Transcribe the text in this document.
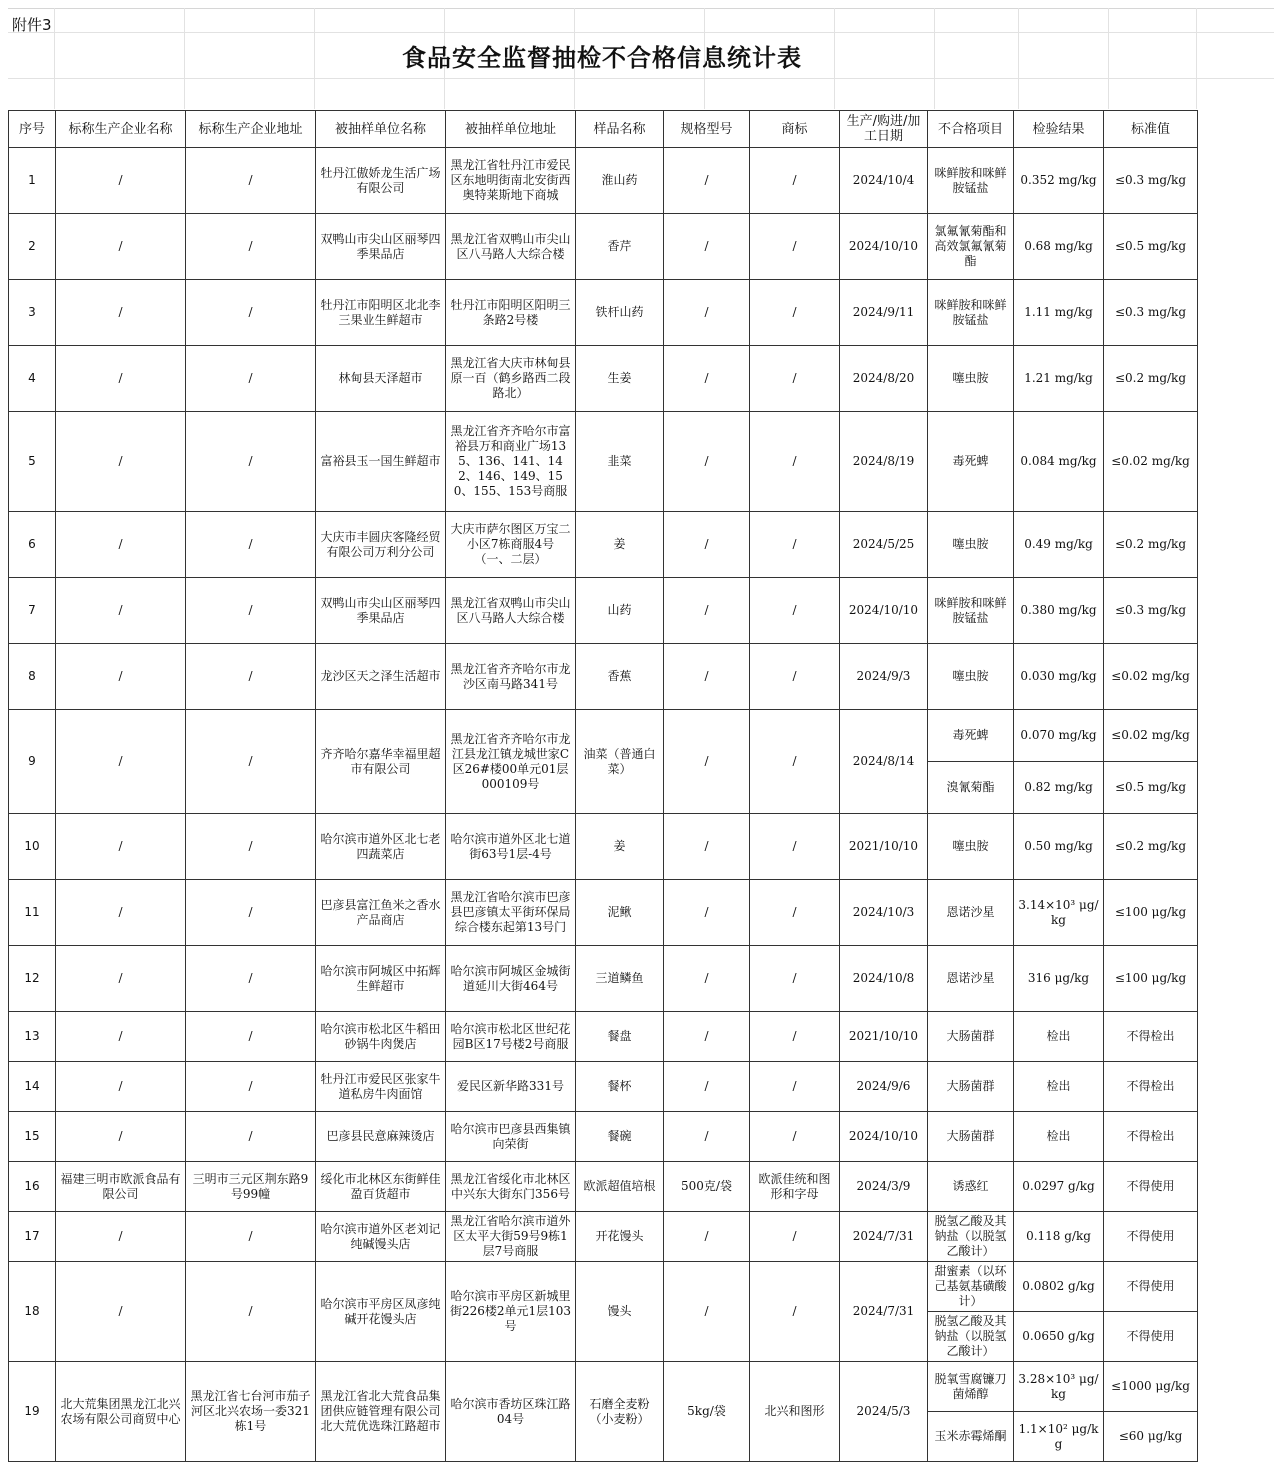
附件3
食品安全监督抽检不合格信息统计表
序号	标称生产企业名称	标称生产企业地址	被抽样单位名称	被抽样单位地址	样品名称	规格型号	商标	生产/购进/加工日期	不合格项目	检验结果	标准值
1	/	/	牡丹江傲娇龙生活广场有限公司	黑龙江省牡丹江市爱民区东地明街南北安街西奥特莱斯地下商城	淮山药	/	/	2024/10/4	咪鲜胺和咪鲜胺锰盐	0.352 mg/kg	≤0.3 mg/kg
2	/	/	双鸭山市尖山区丽琴四季果品店	黑龙江省双鸭山市尖山区八马路人大综合楼	香芹	/	/	2024/10/10	氯氟氰菊酯和高效氯氟氰菊酯	0.68 mg/kg	≤0.5 mg/kg
3	/	/	牡丹江市阳明区北北李三果业生鲜超市	牡丹江市阳明区阳明三条路2号楼	铁杆山药	/	/	2024/9/11	咪鲜胺和咪鲜胺锰盐	1.11 mg/kg	≤0.3 mg/kg
4	/	/	林甸县天泽超市	黑龙江省大庆市林甸县原一百（鹤乡路西二段路北）	生姜	/	/	2024/8/20	噻虫胺	1.21 mg/kg	≤0.2 mg/kg
5	/	/	富裕县玉一国生鲜超市	黑龙江省齐齐哈尔市富裕县万和商业广场135、136、141、142、146、149、150、155、153号商服	韭菜	/	/	2024/8/19	毒死蜱	0.084 mg/kg	≤0.02 mg/kg
6	/	/	大庆市丰圆庆客隆经贸有限公司万利分公司	大庆市萨尔图区万宝二小区7栋商服4号（一、二层）	姜	/	/	2024/5/25	噻虫胺	0.49 mg/kg	≤0.2 mg/kg
7	/	/	双鸭山市尖山区丽琴四季果品店	黑龙江省双鸭山市尖山区八马路人大综合楼	山药	/	/	2024/10/10	咪鲜胺和咪鲜胺锰盐	0.380 mg/kg	≤0.3 mg/kg
8	/	/	龙沙区天之泽生活超市	黑龙江省齐齐哈尔市龙沙区南马路341号	香蕉	/	/	2024/9/3	噻虫胺	0.030 mg/kg	≤0.02 mg/kg
9	/	/	齐齐哈尔嘉华幸福里超市有限公司	黑龙江省齐齐哈尔市龙江县龙江镇龙城世家C区26#楼00单元01层000109号	油菜（普通白菜）	/	/	2024/8/14	毒死蜱	0.070 mg/kg	≤0.02 mg/kg
									溴氰菊酯	0.82 mg/kg	≤0.5 mg/kg
10	/	/	哈尔滨市道外区北七老四蔬菜店	哈尔滨市道外区北七道街63号1层-4号	姜	/	/	2021/10/10	噻虫胺	0.50 mg/kg	≤0.2 mg/kg
11	/	/	巴彦县富江鱼米之香水产品商店	黑龙江省哈尔滨市巴彦县巴彦镇太平街环保局综合楼东起第13号门	泥鳅	/	/	2024/10/3	恩诺沙星	3.14×10³ μg/kg	≤100 μg/kg
12	/	/	哈尔滨市阿城区中拓辉生鲜超市	哈尔滨市阿城区金城街道延川大街464号	三道鳞鱼	/	/	2024/10/8	恩诺沙星	316 μg/kg	≤100 μg/kg
13	/	/	哈尔滨市松北区牛稻田砂锅牛肉煲店	哈尔滨市松北区世纪花园B区17号楼2号商服	餐盘	/	/	2021/10/10	大肠菌群	检出	不得检出
14	/	/	牡丹江市爱民区张家牛道私房牛肉面馆	爱民区新华路331号	餐杯	/	/	2024/9/6	大肠菌群	检出	不得检出
15	/	/	巴彦县民意麻辣烫店	哈尔滨市巴彦县西集镇向荣街	餐碗	/	/	2024/10/10	大肠菌群	检出	不得检出
16	福建三明市欧派食品有限公司	三明市三元区荆东路9号99幢	绥化市北林区东街鲜佳盈百货超市	黑龙江省绥化市北林区中兴东大街东门356号	欧派超值培根	500克/袋	欧派佳统和图形和字母	2024/3/9	诱惑红	0.0297 g/kg	不得使用
17	/	/	哈尔滨市道外区老刘记纯碱馒头店	黑龙江省哈尔滨市道外区太平大街59号9栋1层7号商服	开花馒头	/	/	2024/7/31	脱氢乙酸及其钠盐（以脱氢乙酸计）	0.118 g/kg	不得使用
18	/	/	哈尔滨市平房区凤彦纯碱开花馒头店	哈尔滨市平房区新城里街226楼2单元1层103号	馒头	/	/	2024/7/31	甜蜜素（以环己基氨基磺酸计）	0.0802 g/kg	不得使用
									脱氢乙酸及其钠盐（以脱氢乙酸计）	0.0650 g/kg	不得使用
19	北大荒集团黑龙江北兴农场有限公司商贸中心	黑龙江省七台河市茄子河区北兴农场一委321栋1号	黑龙江省北大荒食品集团供应链管理有限公司北大荒优选珠江路超市	哈尔滨市香坊区珠江路04号	石磨全麦粉（小麦粉）	5kg/袋	北兴和图形	2024/5/3	脱氧雪腐镰刀菌烯醇	3.28×10³ μg/kg	≤1000 μg/kg
									玉米赤霉烯酮	1.1×10² μg/kg	≤60 μg/kg
